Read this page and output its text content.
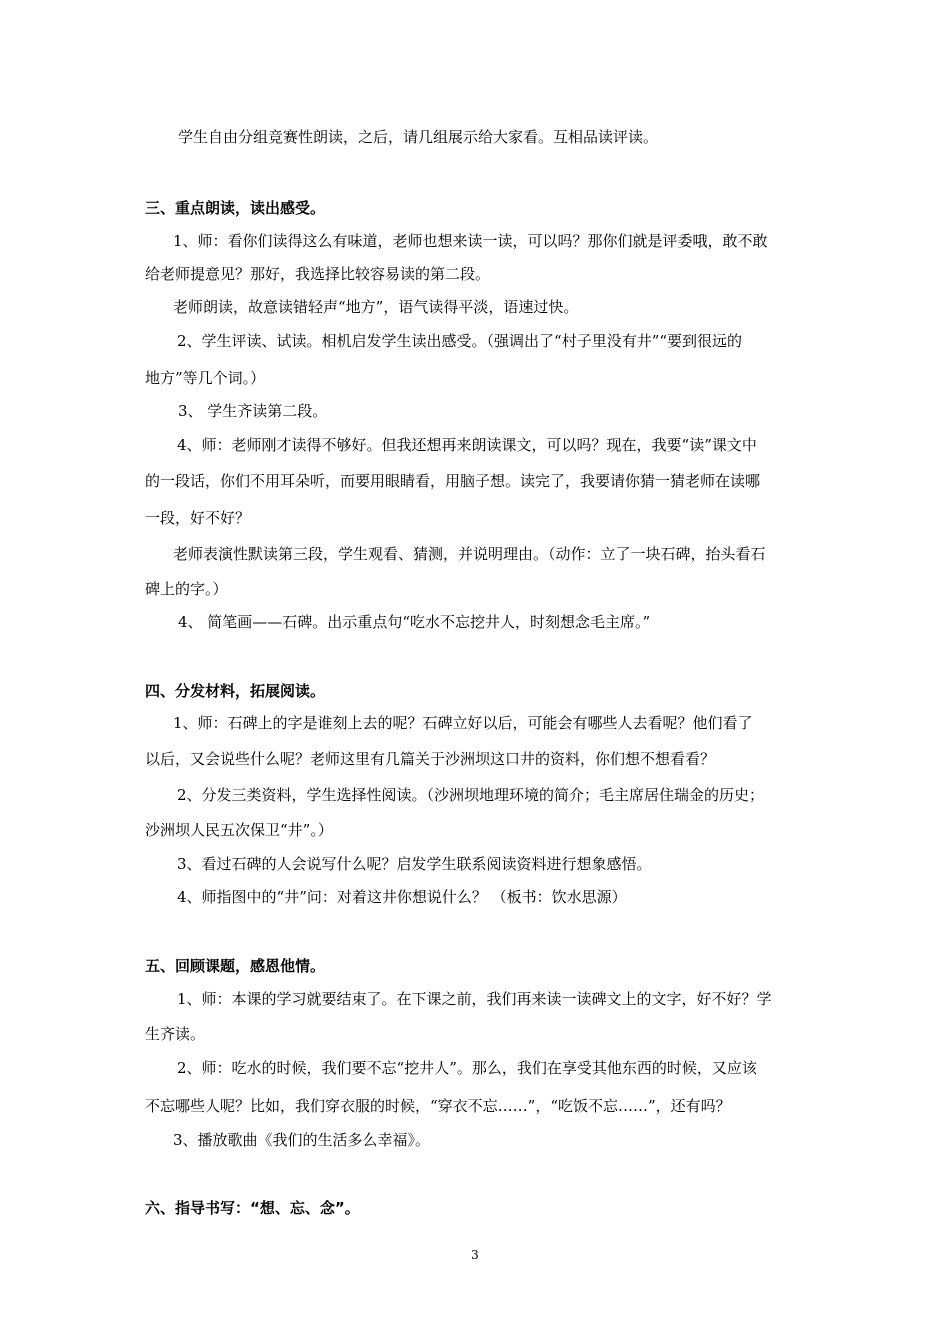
学生自由分组竞赛性朗读，之后，请几组展示给大家看。互相品读评读。
三、重点朗读，读出感受。
1、师：看你们读得这么有味道，老师也想来读一读，可以吗？那你们就是评委哦，敢不敢
给老师提意见？那好，我选择比较容易读的第二段。
老师朗读，故意读错轻声“地方”，语气读得平淡，语速过快。
2、学生评读、试读。相机启发学生读出感受。（强调出了“村子里没有井”“要到很远的
地方”等几个词。）
3、 学生齐读第二段。
4、师：老师刚才读得不够好。但我还想再来朗读课文，可以吗？现在，我要“读”课文中
的一段话，你们不用耳朵听，而要用眼睛看，用脑子想。读完了，我要请你猜一猜老师在读哪
一段，好不好？
老师表演性默读第三段，学生观看、猜测，并说明理由。（动作：立了一块石碑，抬头看石
碑上的字。）
4、 简笔画——石碑。出示重点句“吃水不忘挖井人，时刻想念毛主席。”
四、分发材料，拓展阅读。
1、师：石碑上的字是谁刻上去的呢？石碑立好以后，可能会有哪些人去看呢？他们看了
以后，又会说些什么呢？老师这里有几篇关于沙洲坝这口井的资料，你们想不想看看？
2、分发三类资料，学生选择性阅读。（沙洲坝地理环境的简介；毛主席居住瑞金的历史；
沙洲坝人民五次保卫“井”。）
3、看过石碑的人会说写什么呢？启发学生联系阅读资料进行想象感悟。
4、师指图中的“井”问：对着这井你想说什么？ （板书：饮水思源）
五、回顾课题，感恩他情。
1、师：本课的学习就要结束了。在下课之前，我们再来读一读碑文上的文字，好不好？学
生齐读。
2、师：吃水的时候，我们要不忘“挖井人”。那么，我们在享受其他东西的时候，又应该
不忘哪些人呢？比如，我们穿衣服的时候，“穿衣不忘……”，“吃饭不忘……”，还有吗？
3、播放歌曲《我们的生活多么幸福》。
六、指导书写：“想、忘、念”。
3
